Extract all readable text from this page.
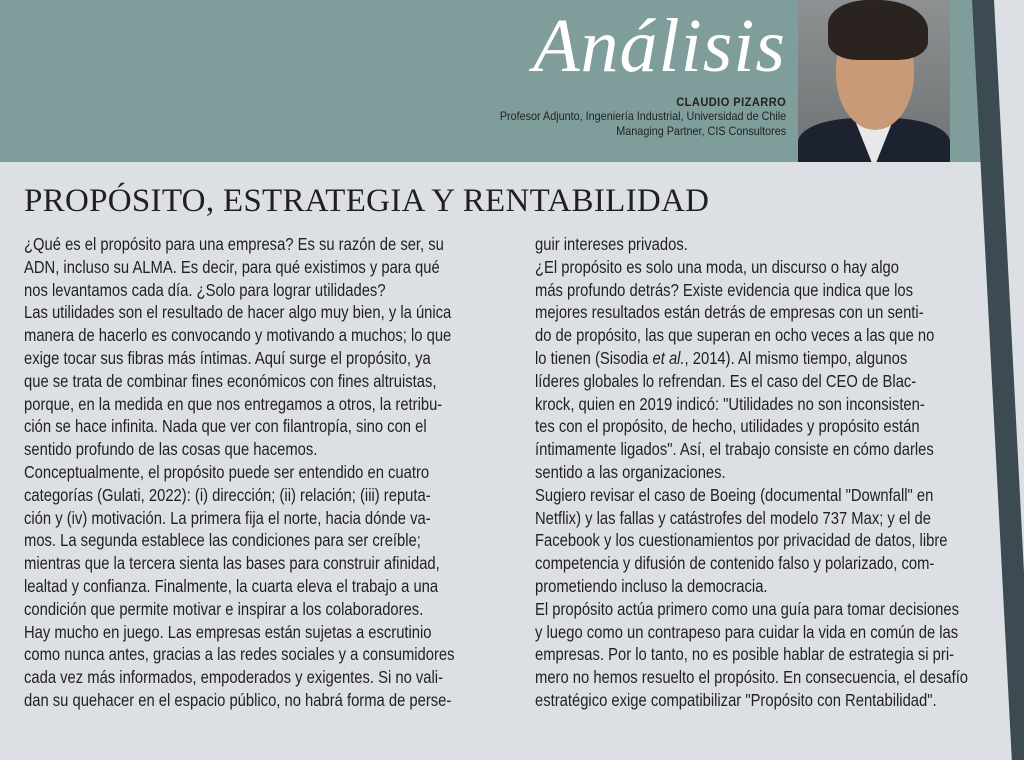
Análisis
CLAUDIO PIZARRO
Profesor Adjunto, Ingeniería Industrial, Universidad de Chile
Managing Partner, CIS Consultores
PROPÓSITO, ESTRATEGIA Y RENTABILIDAD
¿Qué es el propósito para una empresa? Es su razón de ser, su
ADN, incluso su ALMA. Es decir, para qué existimos y para qué
nos levantamos cada día. ¿Solo para lograr utilidades?
Las utilidades son el resultado de hacer algo muy bien, y la única
manera de hacerlo es convocando y motivando a muchos; lo que
exige tocar sus fibras más íntimas. Aquí surge el propósito, ya
que se trata de combinar fines económicos con fines altruistas,
porque, en la medida en que nos entregamos a otros, la retribu-
ción se hace infinita. Nada que ver con filantropía, sino con el
sentido profundo de las cosas que hacemos.
Conceptualmente, el propósito puede ser entendido en cuatro
categorías (Gulati, 2022): (i) dirección; (ii) relación; (iii) reputa-
ción y (iv) motivación. La primera fija el norte, hacia dónde va-
mos. La segunda establece las condiciones para ser creíble;
mientras que la tercera sienta las bases para construir afinidad,
lealtad y confianza. Finalmente, la cuarta eleva el trabajo a una
condición que permite motivar e inspirar a los colaboradores.
Hay mucho en juego. Las empresas están sujetas a escrutinio
como nunca antes, gracias a las redes sociales y a consumidores
cada vez más informados, empoderados y exigentes. Si no vali-
dan su quehacer en el espacio público, no habrá forma de perse-
guir intereses privados.
¿El propósito es solo una moda, un discurso o hay algo
más profundo detrás? Existe evidencia que indica que los
mejores resultados están detrás de empresas con un senti-
do de propósito, las que superan en ocho veces a las que no
lo tienen (Sisodia et al., 2014). Al mismo tiempo, algunos
líderes globales lo refrendan. Es el caso del CEO de Blac-
krock, quien en 2019 indicó: "Utilidades no son inconsisten-
tes con el propósito, de hecho, utilidades y propósito están
íntimamente ligados". Así, el trabajo consiste en cómo darles
sentido a las organizaciones.
Sugiero revisar el caso de Boeing (documental "Downfall" en
Netflix) y las fallas y catástrofes del modelo 737 Max; y el de
Facebook y los cuestionamientos por privacidad de datos, libre
competencia y difusión de contenido falso y polarizado, com-
prometiendo incluso la democracia.
El propósito actúa primero como una guía para tomar decisiones
y luego como un contrapeso para cuidar la vida en común de las
empresas. Por lo tanto, no es posible hablar de estrategia si pri-
mero no hemos resuelto el propósito. En consecuencia, el desafío
estratégico exige compatibilizar "Propósito con Rentabilidad".
